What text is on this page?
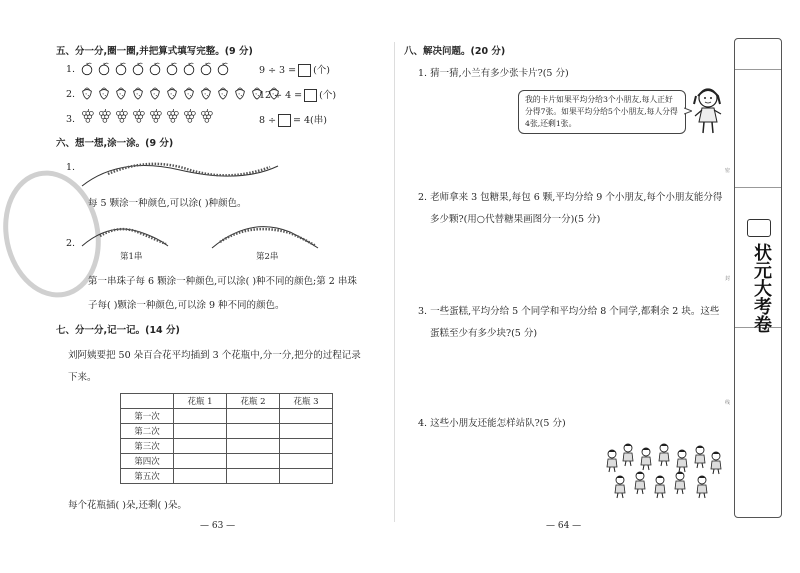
五、分一分,圈一圈,并把算式填写完整。(9 分)
1.	9 ÷ 3 = (个)
2.	12 ÷ 4 = (个)
3.	8 ÷ = 4(串)
六、想一想,涂一涂。(9 分)
1.
每 5 颗涂一种颜色,可以涂( )种颜色。
2.
第1串	第2串
第一串珠子每 6 颗涂一种颜色,可以涂( )种不同的颜色;第 2 串珠
子每( )颗涂一种颜色,可以涂 9 种不同的颜色。
七、分一分,记一记。(14 分)
刘阿姨要把 50 朵百合花平均插到 3 个花瓶中,分一分,把分的过程记录
下来。
	花瓶 1	花瓶 2	花瓶 3
第一次			
第二次			
第三次			
第四次			
第五次			
每个花瓶插( )朵,还剩( )朵。
— 63 —
八、解决问题。(20 分)
1. 猜一猜,小兰有多少张卡片?(5 分)
我的卡片如果平均分给3个小朋友,每人正好分得7张。如果平均分给5个小朋友,每人分得4张,还剩1张。
2. 老师拿来 3 包糖果,每包 6 颗,平均分给 9 个小朋友,每个小朋友能分得
多少颗?(用○代替糖果画图分一分)(5 分)
3. 一些蛋糕,平均分给 5 个同学和平均分给 8 个同学,都剩余 2 块。这些
蛋糕至少有多少块?(5 分)
4. 这些小朋友还能怎样站队?(5 分)
— 64 —
密
封
线
状元大考卷
